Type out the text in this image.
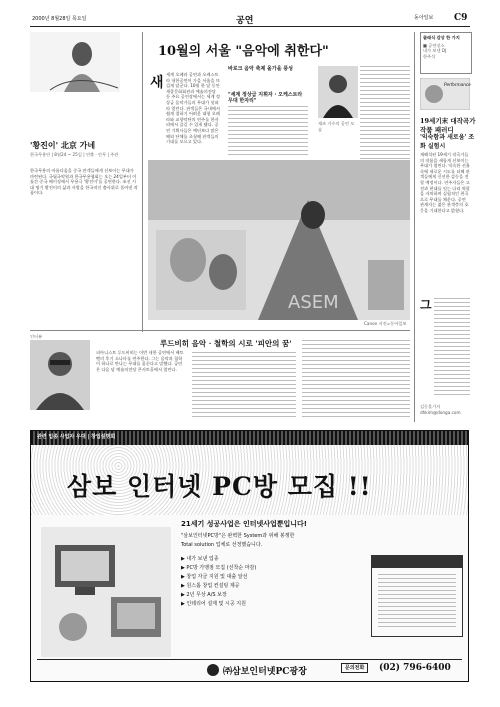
2000년 8월28일 목요일	공연	C9
동아일보
'황진이' 北京 가네
한국무용단 | 8월24 ~ 25일 | 연출 · 안무 | 주관
한국무용의 아름다움을 중국 관객들에게 선보이는 무대가 마련된다. 국립국악원과 한국무용협회는 오는 24일부터 이틀간 중국 베이징에서 무용극 '황진이'를 공연한다. 조선 시대 명기 황진이의 삶과 사랑을 한국적인 춤사위로 풀어낸 작품이다.
10월의 서울 "음악에 취한다"
새
세계 오페라 공연과 오케스트라 내한공연이 가을 서울을 뜨겁게 달군다. 10월 한 달 동안 세종문화회관과 예술의전당 등 주요 공연장에서는 세계 정상급 음악가들의 무대가 잇따라 열린다. 관객들은 국내에서 쉽게 접하기 어려운 대형 오페라와 교향악단의 연주를 한자리에서 즐길 수 있게 됐다. 공연 기획사들은 예년보다 많은 해외 단체를 초청해 관객들의 기대를 모으고 있다.
바로크 음악 축제 올가을 풍성
"세계 정상급 지휘자 · 오케스트라 무대 한자리"
재즈 가수의 공연 모습
ASEM
Canon 사진=동아일보
인터뷰
루드비히 음악 · 철학의 시로 '피안의 꿈'
피아니스트 루드비히는 이번 내한 공연에서 베토벤의 후기 소나타를 연주한다. 그는 음악과 철학이 하나로 만나는 무대를 꿈꾼다고 말했다. 공연은 다음 달 예술의전당 콘서트홀에서 열린다.
클래식 감상 한 가지
■ 공연장소
내가 보낸 DJ
한주석
Performance
19세기末 대작곡가 작품 패러디
'익숙함과 새로움' 조화 실험시
재해석된 19세기 작곡가들의 작품을 새롭게 선보이는 무대가 열린다. 익숙한 선율 속에 새로운 시도를 더해 관객들에게 신선한 감동을 전할 예정이다. 연주자들은 고전과 현대를 잇는 다리 역할을 자처하며 실험적인 편곡으로 무대를 채운다. 공연 관계자는 젊은 관객층의 호응을 기대한다고 밝혔다.
그
김동훈기자 dhkim@donga.com
관련 업종 사업자 우대 | 창업설명회
삼보 인터넷 PC방 모집 !!
21세기 성공사업은 인터넷사업뿐입니다!
"삼보인터넷PC방"은 완벽한 System과 위해 봉쟁한
Total solution 업체로 선정했습니다.
▶ 내가 보낸 업종
▶ PC방 가맹점 모집 (선착순 마감)
▶ 창업 자금 지원 및 대출 알선
▶ 원스톱 창업 컨설팅 제공
▶ 2년 무상 A/S 보장
▶ 인테리어 설계 및 시공 지원
㈜삼보인터넷PC광장	문의전화	(02) 796-6400
